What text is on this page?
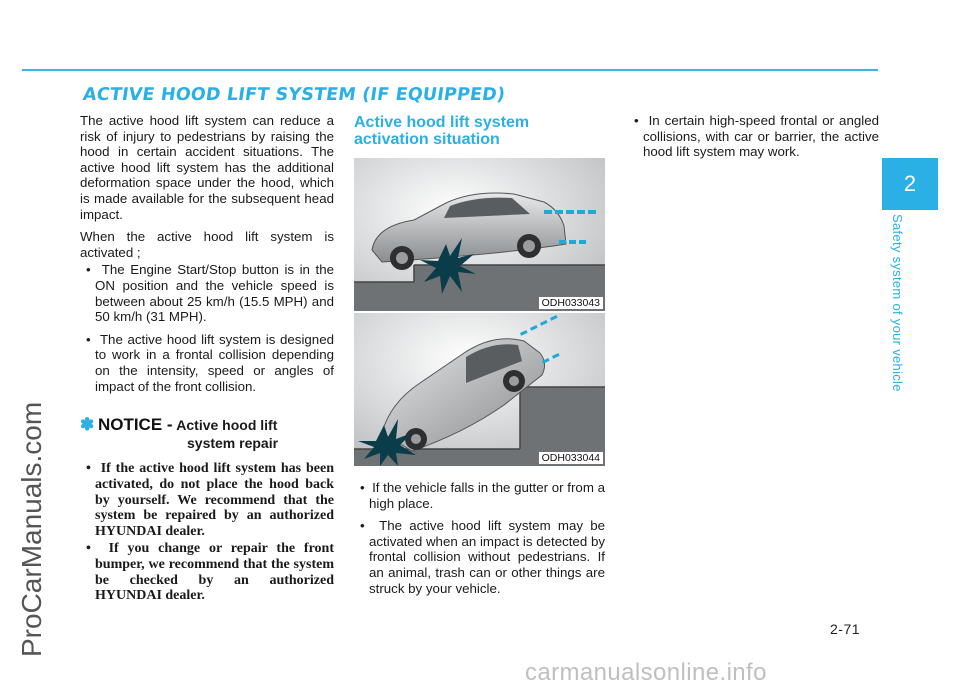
ACTIVE HOOD LIFT SYSTEM (IF EQUIPPED)

The active hood lift system can reduce a risk of injury to pedestrians by raising the hood in certain accident situations. The active hood lift system has the additional deformation space under the hood, which is made available for the subsequent head impact.

When the active hood lift system is activated ;

•  The Engine Start/Stop button is in the ON position and the vehicle speed is between about 25 km/h (15.5 MPH) and 50 km/h (31 MPH).
•  The active hood lift system is designed to work in a frontal collision depending on the intensity, speed or angles of impact of the front collision.
✽ NOTICE - Active hood lift
system repair
•  If the active hood lift system has been activated, do not place the hood back by yourself. We recommend that the system be repaired by an authorized HYUNDAI dealer.
•  If you change or repair the front bumper, we recommend that the system be checked by an authorized HYUNDAI dealer.
Active hood lift system activation situation
ODH033043
ODH033044
•  If the vehicle falls in the gutter or from a high place.
•  The active hood lift system may be activated when an impact is detected by frontal collision without pedestrians. If an animal, trash can or other things are struck by your vehicle.
•  In certain high-speed frontal or angled collisions, with car or barrier, the active hood lift system may work.
2
Safety system of your vehicle
ProCarManuals.com	2-71
carmanualsonline.info
